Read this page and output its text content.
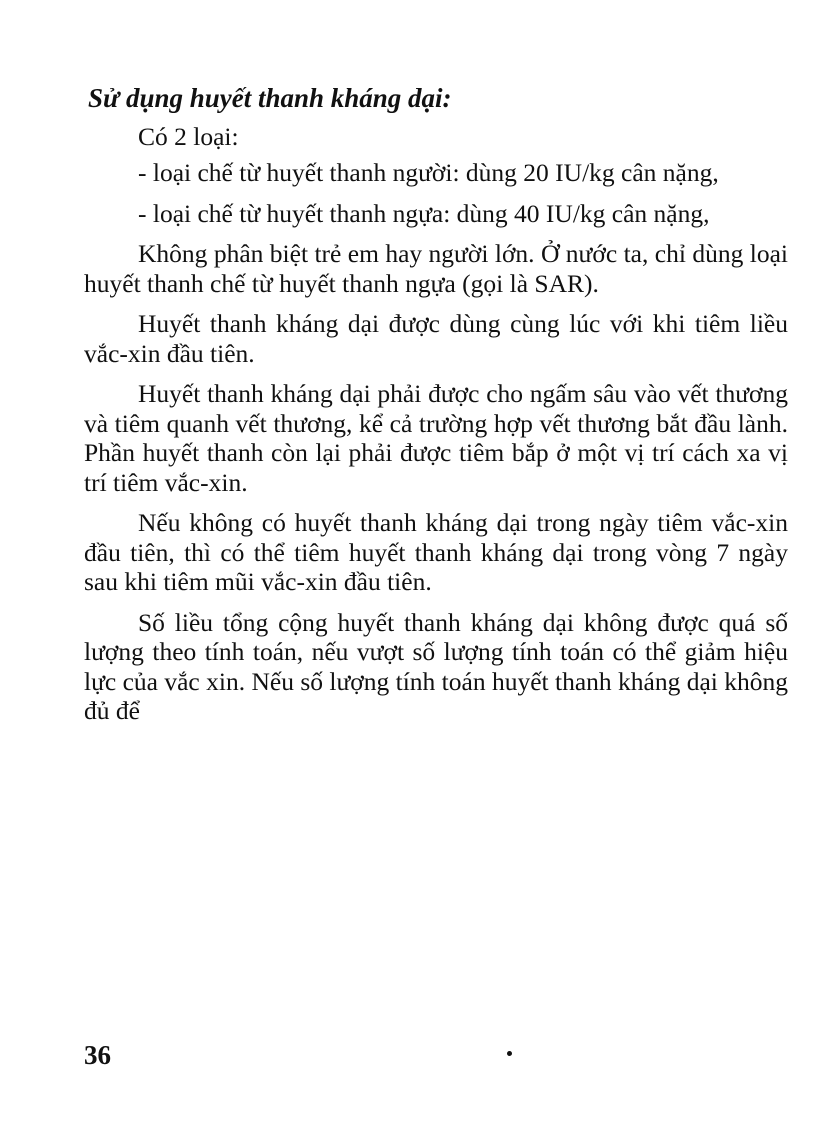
Sử dụng huyết thanh kháng dại:

Có 2 loại:

- loại chế từ huyết thanh người: dùng 20 IU/kg cân nặng,

- loại chế từ huyết thanh ngựa: dùng 40 IU/kg cân nặng,

Không phân biệt trẻ em hay người lớn. Ở nước ta, chỉ dùng loại huyết thanh chế từ huyết thanh ngựa (gọi là SAR).

Huyết thanh kháng dại được dùng cùng lúc với khi tiêm liều vắc-xin đầu tiên.

Huyết thanh kháng dại phải được cho ngấm sâu vào vết thương và tiêm quanh vết thương, kể cả trường hợp vết thương bắt đầu lành. Phần huyết thanh còn lại phải được tiêm bắp ở một vị trí cách xa vị trí tiêm vắc-xin.

Nếu không có huyết thanh kháng dại trong ngày tiêm vắc-xin đầu tiên, thì có thể tiêm huyết thanh kháng dại trong vòng 7 ngày sau khi tiêm mũi vắc-xin đầu tiên.

Số liều tổng cộng huyết thanh kháng dại không được quá số lượng theo tính toán, nếu vượt số lượng tính toán có thể giảm hiệu lực của vắc xin. Nếu số lượng tính toán huyết thanh kháng dại không đủ để

36
